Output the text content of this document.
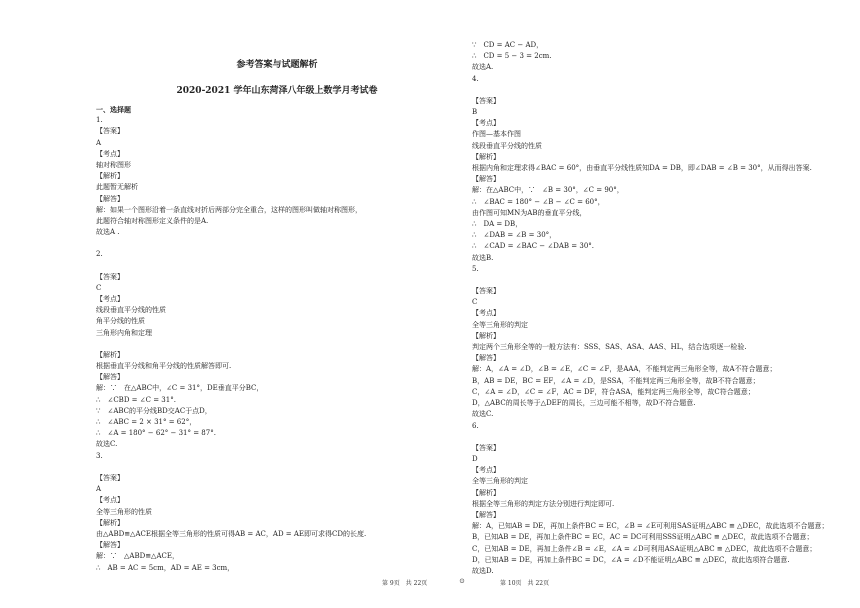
参考答案与试题解析
2020-2021 学年山东菏泽八年级上数学月考试卷
一、选择题
1.
【答案】
A
【考点】
轴对称图形
【解析】
此题暂无解析
【解答】
解：如果一个图形沿着一条直线对折后两部分完全重合，这样的图形叫做轴对称图形，
此题符合轴对称图形定义条件的是A.
故选A .
2.
【答案】
C
【考点】
线段垂直平分线的性质
角平分线的性质
三角形内角和定理
【解析】
根据垂直平分线和角平分线的性质解答即可.
【解答】
解：∵　在△ABC中，∠C = 31°，DE垂直平分BC，
∴　∠CBD = ∠C = 31°.
∵　∠ABC的平分线BD交AC于点D，
∴　∠ABC = 2 × 31° = 62°，
∴　∠A = 180° − 62° − 31° = 87°.
故选C.
3.
【答案】
A
【考点】
全等三角形的性质
【解析】
由△ABD≌△ACE根据全等三角形的性质可得AB = AC，AD = AE即可求得CD的长度.
【解答】
解：∵　△ABD≌△ACE，
∴　AB = AC = 5cm，AD = AE = 3cm，
∵　CD = AC − AD，
∴　CD = 5 − 3 = 2cm.
故选A.
4.
【答案】
B
【考点】
作图—基本作图
线段垂直平分线的性质
【解析】
根据内角和定理求得∠BAC = 60°，由垂直平分线性质知DA = DB，即∠DAB = ∠B = 30°，从而得出答案.
【解答】
解：在△ABC中，∵　∠B = 30°，∠C = 90°，
∴　∠BAC = 180° − ∠B − ∠C = 60°，
由作图可知MN为AB的垂直平分线，
∴　DA = DB，
∴　∠DAB = ∠B = 30°，
∴　∠CAD = ∠BAC − ∠DAB = 30°.
故选B.
5.
【答案】
C
【考点】
全等三角形的判定
【解析】
判定两个三角形全等的一般方法有：SSS、SAS、ASA、AAS、HL，结合选项逐一检验.
【解答】
解：A，∠A = ∠D，∠B = ∠E，∠C = ∠F，是AAA，不能判定两三角形全等，故A不符合题意；
B，AB = DE，BC = EF，∠A = ∠D，是SSA，不能判定两三角形全等，故B不符合题意；
C，∠A = ∠D，∠C = ∠F，AC = DF，符合ASA，能判定两三角形全等，故C符合题意；
D，△ABC的周长等于△DEF的周长，三边可能不相等，故D不符合题意.
故选C.
6.
【答案】
D
【考点】
全等三角形的判定
【解析】
根据全等三角形的判定方法分别进行判定即可.
【解答】
解：A，已知AB = DE，再加上条件BC = EC，∠B = ∠E可利用SAS证明△ABC ≌ △DEC，故此选项不合题意；
B，已知AB = DE，再加上条件BC = EC，AC = DC可利用SSS证明△ABC ≌ △DEC，故此选项不合题意；
C，已知AB = DE，再加上条件∠B = ∠E，∠A = ∠D可利用ASA证明△ABC ≌ △DEC，故此选项不合题意；
D，已知AB = DE，再加上条件BC = DC，∠A = ∠D不能证明△ABC ≌ △DEC，故此选项符合题意.
故选D.
第 9页　共 22页	⊙	第 10页　共 22页
